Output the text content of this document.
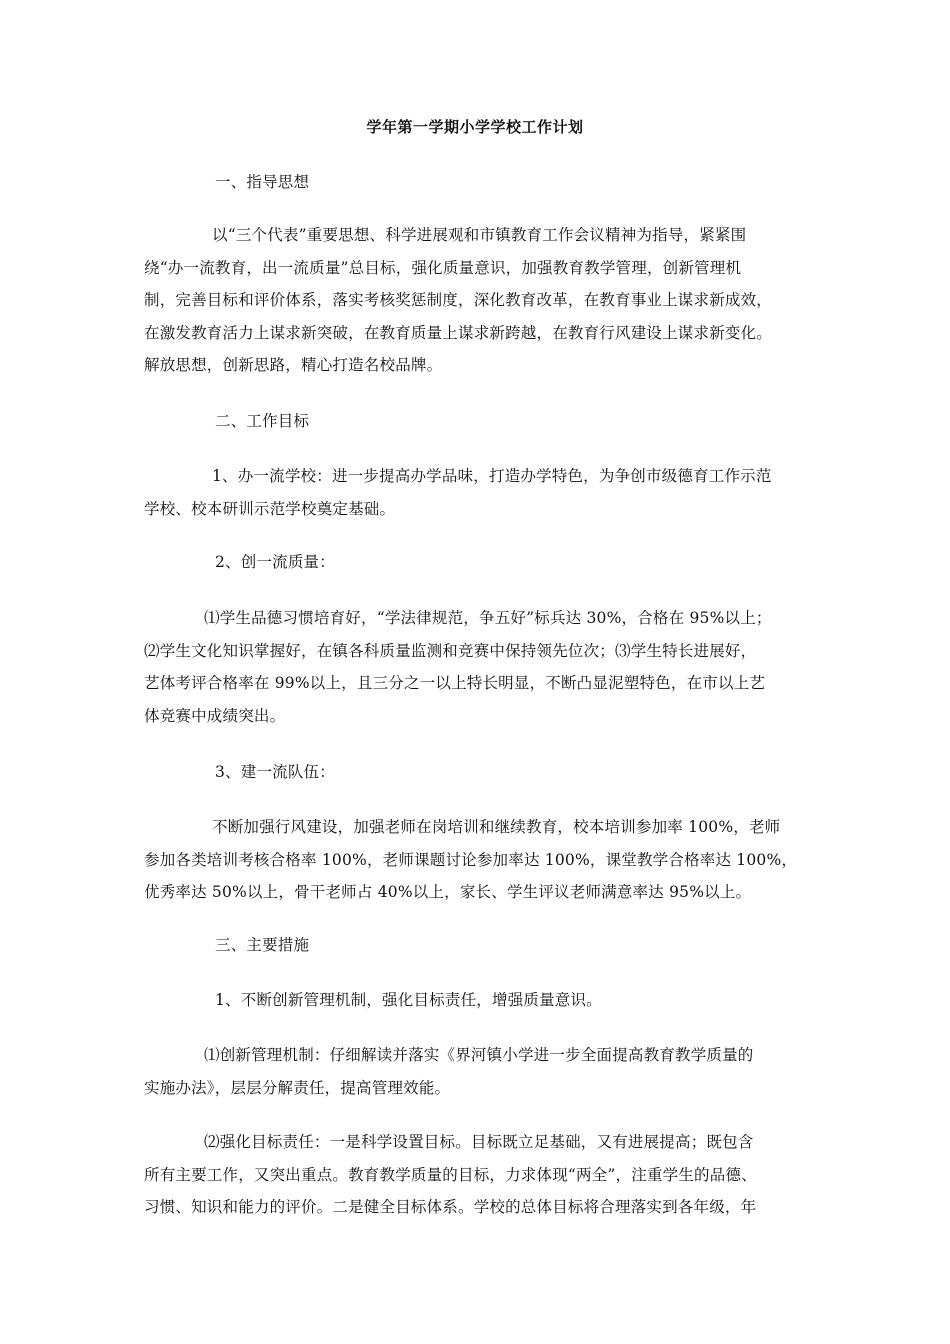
学年第一学期小学学校工作计划
一、指导思想
以“三个代表”重要思想、科学进展观和市镇教育工作会议精神为指导，紧紧围
绕“办一流教育，出一流质量”总目标，强化质量意识，加强教育教学管理，创新管理机
制，完善目标和评价体系，落实考核奖惩制度，深化教育改革，在教育事业上谋求新成效，
在激发教育活力上谋求新突破，在教育质量上谋求新跨越，在教育行风建设上谋求新变化。
解放思想，创新思路，精心打造名校品牌。
二、工作目标
1、办一流学校：进一步提高办学品味，打造办学特色，为争创市级德育工作示范
学校、校本研训示范学校奠定基础。
2、创一流质量：
⑴学生品德习惯培育好，“学法律规范，争五好”标兵达 30%，合格在 95%以上；
⑵学生文化知识掌握好，在镇各科质量监测和竞赛中保持领先位次；⑶学生特长进展好，
艺体考评合格率在 99%以上，且三分之一以上特长明显，不断凸显泥塑特色，在市以上艺
体竞赛中成绩突出。
3、建一流队伍：
不断加强行风建设，加强老师在岗培训和继续教育，校本培训参加率 100%，老师
参加各类培训考核合格率 100%，老师课题讨论参加率达 100%，课堂教学合格率达 100%，
优秀率达 50%以上，骨干老师占 40%以上，家长、学生评议老师满意率达 95%以上。
三、主要措施
1、不断创新管理机制，强化目标责任，增强质量意识。
⑴创新管理机制：仔细解读并落实《界河镇小学进一步全面提高教育教学质量的
实施办法》，层层分解责任，提高管理效能。
⑵强化目标责任：一是科学设置目标。目标既立足基础，又有进展提高；既包含
所有主要工作，又突出重点。教育教学质量的目标，力求体现“两全”，注重学生的品德、
习惯、知识和能力的评价。二是健全目标体系。学校的总体目标将合理落实到各年级，年
